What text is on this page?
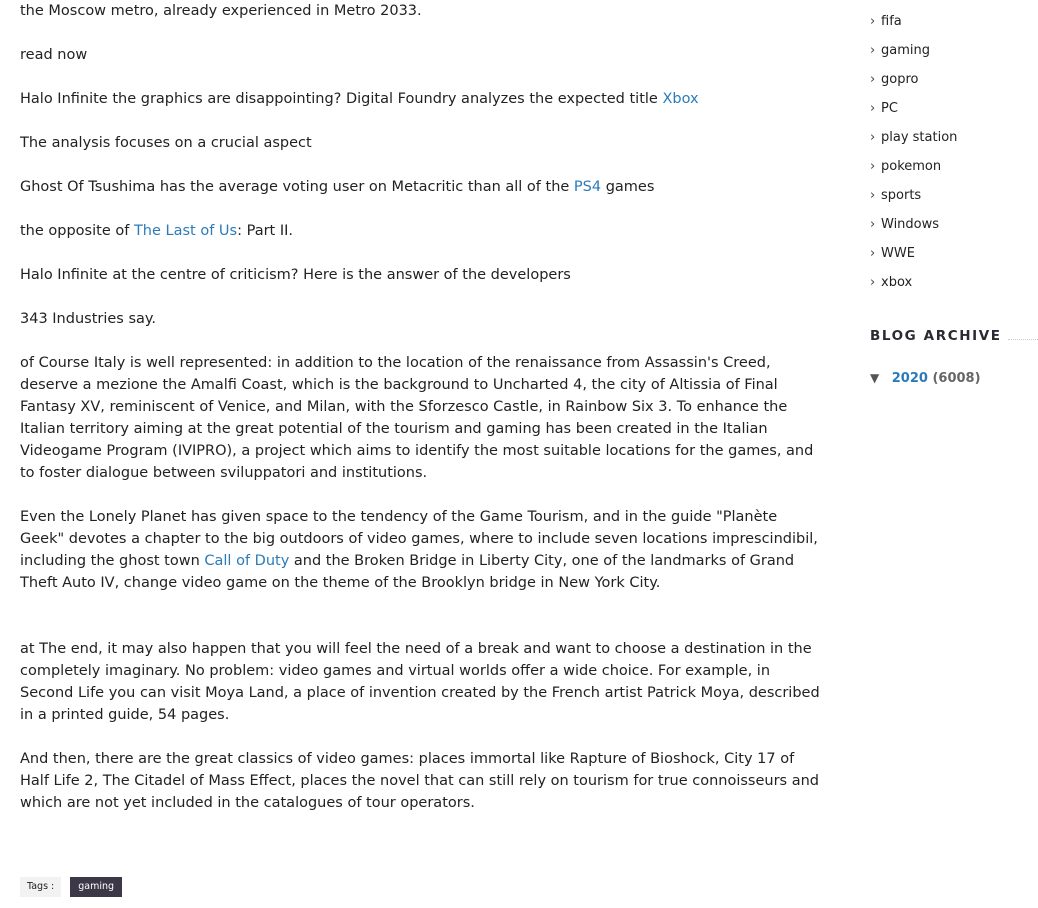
the Moscow metro, already experienced in Metro 2033.

read now

Halo Infinite the graphics are disappointing? Digital Foundry analyzes the expected title Xbox

The analysis focuses on a crucial aspect

Ghost Of Tsushima has the average voting user on Metacritic than all of the PS4 games

the opposite of The Last of Us: Part II.

Halo Infinite at the centre of criticism? Here is the answer of the developers

343 Industries say.

of Course Italy is well represented: in addition to the location of the renaissance from Assassin's Creed, deserve a mezione the Amalfi Coast, which is the background to Uncharted 4, the city of Altissia of Final Fantasy XV, reminiscent of Venice, and Milan, with the Sforzesco Castle, in Rainbow Six 3. To enhance the Italian territory aiming at the great potential of the tourism and gaming has been created in the Italian Videogame Program (IVIPRO), a project which aims to identify the most suitable locations for the games, and to foster dialogue between sviluppatori and institutions.

Even the Lonely Planet has given space to the tendency of the Game Tourism, and in the guide "Planète Geek" devotes a chapter to the big outdoors of video games, where to include seven locations imprescindibil, including the ghost town Call of Duty and the Broken Bridge in Liberty City, one of the landmarks of Grand Theft Auto IV, change video game on the theme of the Brooklyn bridge in New York City.

at The end, it may also happen that you will feel the need of a break and want to choose a destination in the completely imaginary. No problem: video games and virtual worlds offer a wide choice. For example, in Second Life you can visit Moya Land, a place of invention created by the French artist Patrick Moya, described in a printed guide, 54 pages.

And then, there are the great classics of video games: places immortal like Rapture of Bioshock, City 17 of Half Life 2, The Citadel of Mass Effect, places the novel that can still rely on tourism for true connoisseurs and which are not yet included in the catalogues of tour operators.

Tags :	gaming
› fifa
› gaming
› gopro
› PC
› play station
› pokemon
› sports
› Windows
› WWE
› xbox
BLOG ARCHIVE
▼ 2020 (6008)
